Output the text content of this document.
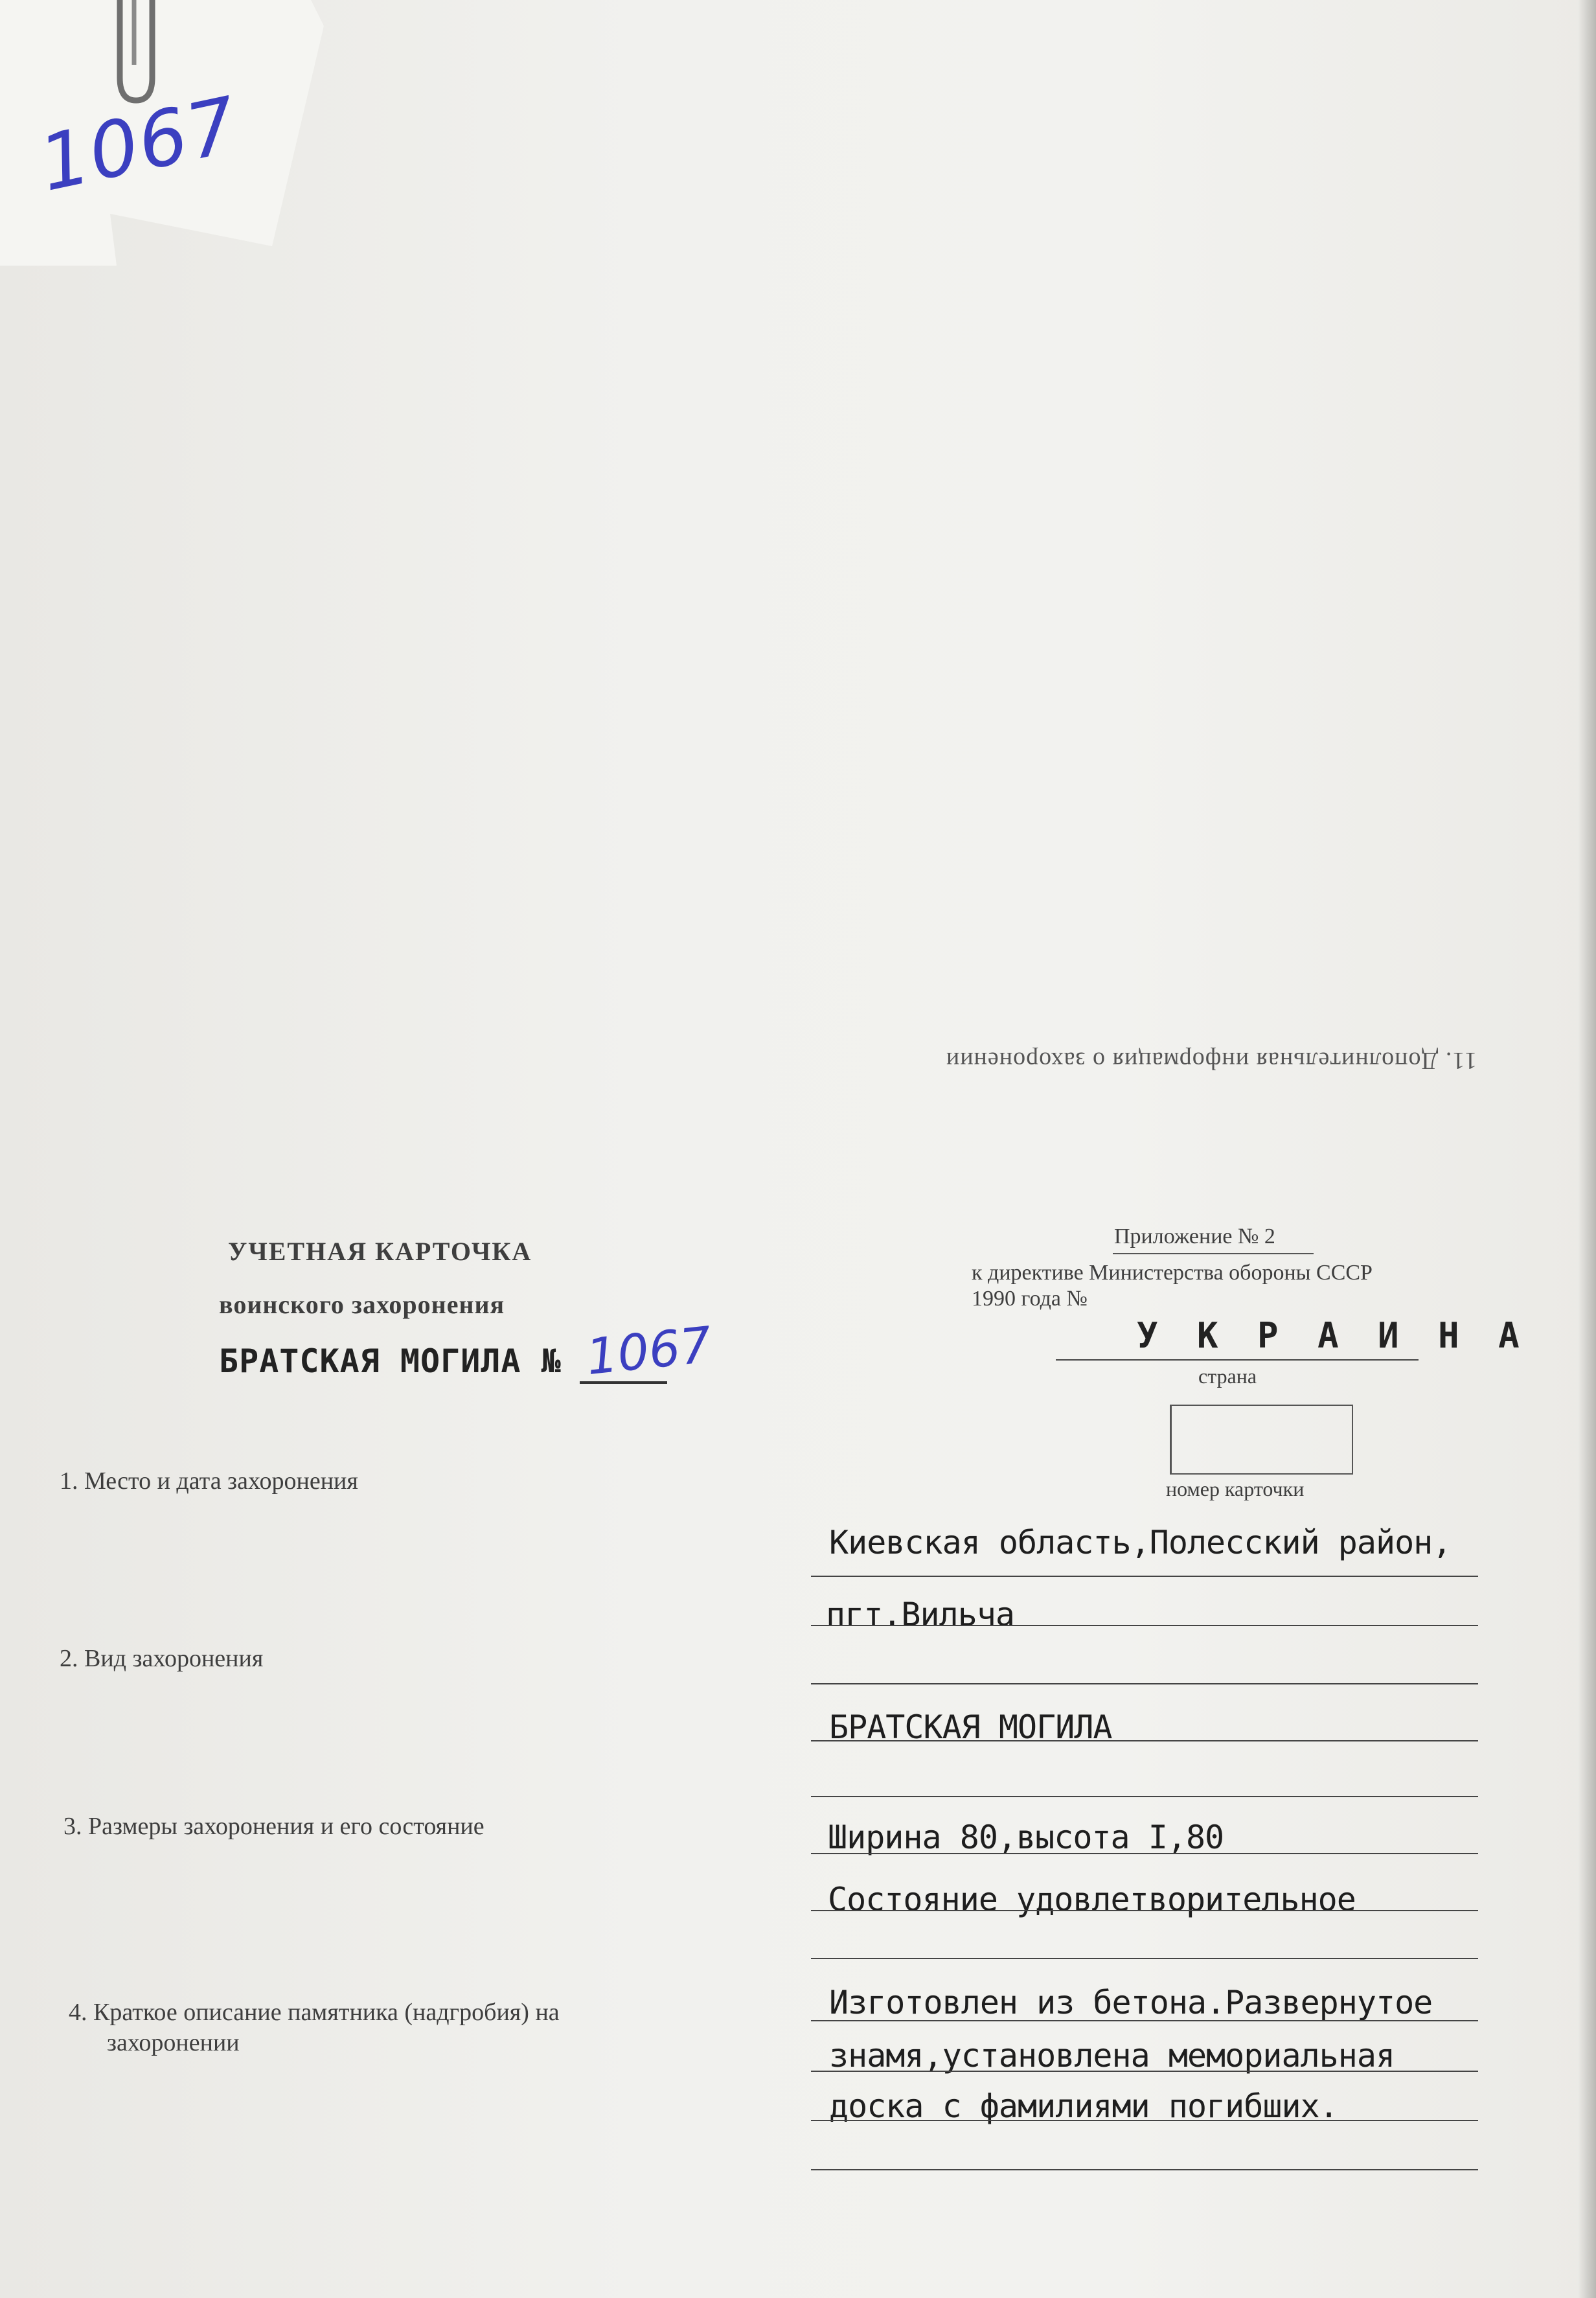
1067
11. Дополнительная информация о захоронении
УЧЕТНАЯ КАРТОЧКА
воинского захоронения
БРАТСКАЯ МОГИЛА № 1067
Приложение № 2
к директиве Министерства обороны СССР
1990 года №
У К Р А И Н А
страна
номер карточки
1. Место и дата захоронения
Киевская область,Полесский район,
пгт.Вильча
2. Вид захоронения
БРАТСКАЯ МОГИЛА
3. Размеры захоронения и его состояние	Ширина 80,высота I,80
Состояние удовлетворительное
4. Краткое описание памятника (надгробия) на
захоронении
Изготовлен из бетона.Развернутое
знамя,установлена мемориальная
доска с фамилиями погибших.
